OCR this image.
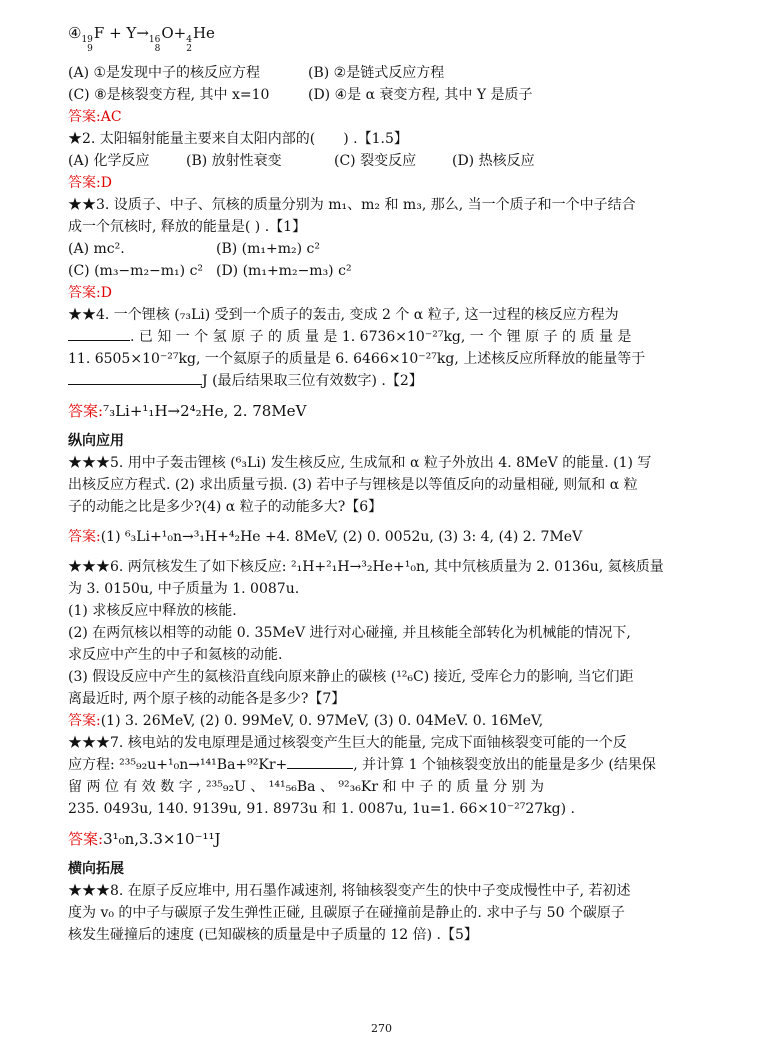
④ 19
9
F + Y→ 16
8
O+ 4
2
He
(A) ①是发现中子的核反应方程	(B) ②是链式反应方程
(C) ⑧是核裂变方程, 其中 x=10	(D) ④是 α 衰变方程, 其中 Y 是质子
答案:AC
★2. 太阳辐射能量主要来自太阳内部的(　　) .【1.5】
(A) 化学反应	(B) 放射性衰变	(C) 裂变反应	(D) 热核反应
答案:D
★★3. 设质子、中子、氘核的质量分别为 m₁、m₂ 和 m₃, 那么, 当一个质子和一个中子结合
成一个氘核时, 释放的能量是( ) .【1】
(A) mc².	(B) (m₁+m₂) c²
(C) (m₃−m₂−m₁) c² (D) (m₁+m₂−m₃) c²
答案:D
★★4. 一个锂核 (₇₃Li) 受到一个质子的轰击, 变成 2 个 α 粒子, 这一过程的核反应方程为
. 已 知 一 个 氢 原 子 的 质 量 是 1. 6736×10⁻²⁷kg, 一 个 锂 原 子 的 质 量 是
11. 6505×10⁻²⁷kg, 一个氦原子的质量是 6. 6466×10⁻²⁷kg, 上述核反应所释放的能量等于
J (最后结果取三位有效数字) .【2】
答案:⁷₃Li+¹₁H→2⁴₂He, 2. 78MeV
纵向应用
★★★5. 用中子轰击锂核 (⁶₃Li) 发生核反应, 生成氚和 α 粒子外放出 4. 8MeV 的能量. (1) 写
出核反应方程式. (2) 求出质量亏损. (3) 若中子与锂核是以等值反向的动量相碰, 则氚和 α 粒
子的动能之比是多少?(4) α 粒子的动能多大?【6】
答案:(1) ⁶₃Li+¹₀n→³₁H+⁴₂He +4. 8MeV, (2) 0. 0052u, (3) 3: 4, (4) 2. 7MeV
★★★6. 两氘核发生了如下核反应: ²₁H+²₁H→³₂He+¹₀n, 其中氘核质量为 2. 0136u, 氦核质量
为 3. 0150u, 中子质量为 1. 0087u.
(1) 求核反应中释放的核能.
(2) 在两氘核以相等的动能 0. 35MeV 进行对心碰撞, 并且核能全部转化为机械能的情况下,
求反应中产生的中子和氦核的动能.
(3) 假设反应中产生的氦核沿直线向原来静止的碳核 (¹²₆C) 接近, 受库仑力的影响, 当它们距
离最近时, 两个原子核的动能各是多少?【7】
答案:(1) 3. 26MeV, (2) 0. 99MeV, 0. 97MeV, (3) 0. 04MeV. 0. 16MeV,
★★★7. 核电站的发电原理是通过核裂变产生巨大的能量, 完成下面铀核裂变可能的一个反
应方程: ²³⁵₉₂u+¹₀n→¹⁴¹Ba+⁹²Kr+	, 并计算 1 个铀核裂变放出的能量是多少 (结果保
留 两 位 有 效 数 字 , ²³⁵₉₂U 、 ¹⁴¹₅₆Ba 、 ⁹²₃₆Kr 和 中 子 的 质 量 分 别 为
235. 0493u, 140. 9139u, 91. 8973u 和 1. 0087u, 1u=1. 66×10⁻²⁷27kg) .
答案:3¹₀n,3.3×10⁻¹¹J
横向拓展
★★★8. 在原子反应堆中, 用石墨作减速剂, 将铀核裂变产生的快中子变成慢性中子, 若初述
度为 v₀ 的中子与碳原子发生弹性正碰, 且碳原子在碰撞前是静止的. 求中子与 50 个碳原子
核发生碰撞后的速度 (已知碳核的质量是中子质量的 12 倍) .【5】
270
